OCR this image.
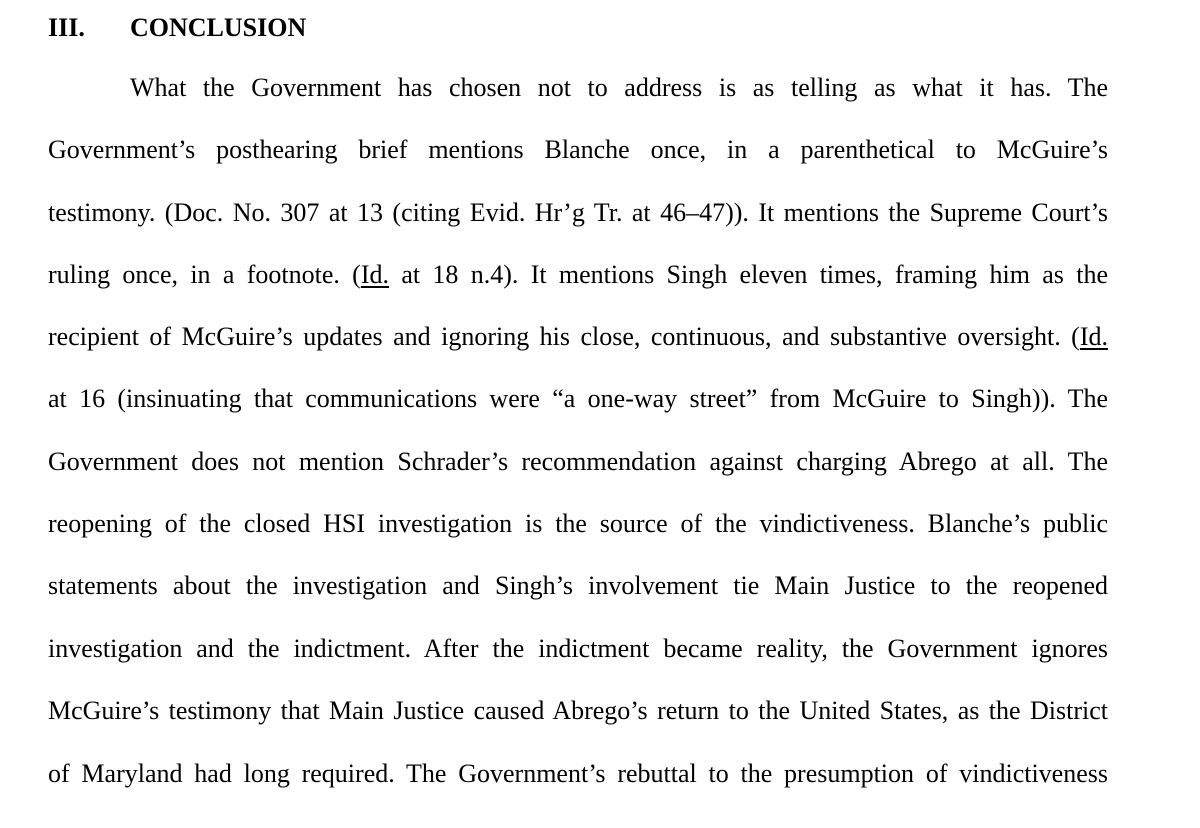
III. CONCLUSION
What the Government has chosen not to address is as telling as what it has. The
Government’s posthearing brief mentions Blanche once, in a parenthetical to McGuire’s
testimony. (Doc. No. 307 at 13 (citing Evid. Hr’g Tr. at 46–47)). It mentions the Supreme Court’s
ruling once, in a footnote. (Id. at 18 n.4). It mentions Singh eleven times, framing him as the
recipient of McGuire’s updates and ignoring his close, continuous, and substantive oversight. (Id.
at 16 (insinuating that communications were “a one-way street” from McGuire to Singh)). The
Government does not mention Schrader’s recommendation against charging Abrego at all. The
reopening of the closed HSI investigation is the source of the vindictiveness. Blanche’s public
statements about the investigation and Singh’s involvement tie Main Justice to the reopened
investigation and the indictment. After the indictment became reality, the Government ignores
McGuire’s testimony that Main Justice caused Abrego’s return to the United States, as the District
of Maryland had long required. The Government’s rebuttal to the presumption of vindictiveness
